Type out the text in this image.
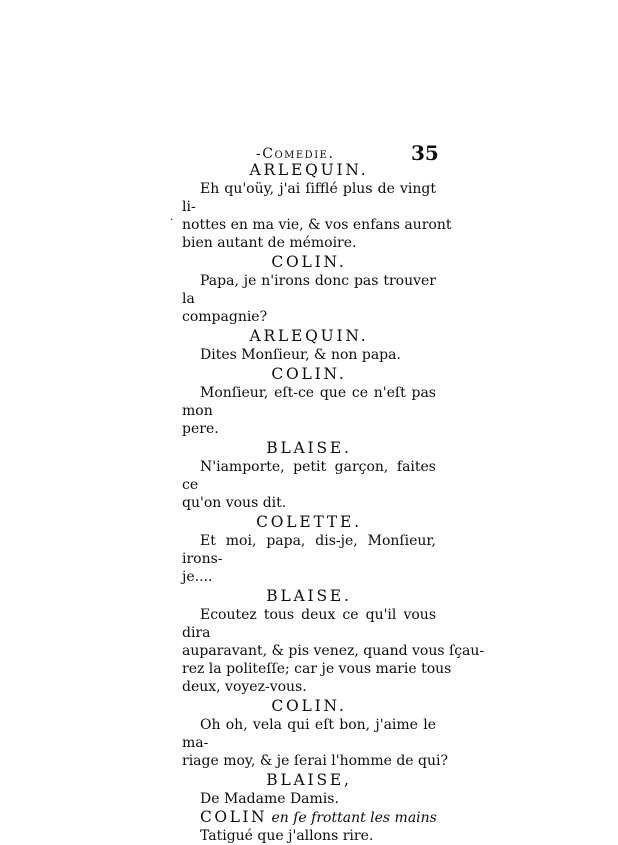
-Comedie.	35
·
ARLEQUIN.
Eh qu'oüy, j'ai ſifflé plus de vingt li-
nottes en ma vie, & vos enfans auront
bien autant de mémoire.
COLIN.
Papa, je n'irons donc pas trouver la
compagnie?
ARLEQUIN.
Dites Monſieur, & non papa.
COLIN.
Monſieur, eſt-ce que ce n'eſt pas mon
pere.
BLAISE.
N'iamporte, petit garçon, faites ce
qu'on vous dit.
COLETTE.
Et moi, papa, dis-je, Monſieur, irons-
je....
BLAISE.
Ecoutez tous deux ce qu'il vous dira
auparavant, & pis venez, quand vous ſçau-
rez la politeſſe; car je vous marie tous
deux, voyez-vous.
COLIN.
Oh oh, vela qui eſt bon, j'aime le ma-
riage moy, & je ſerai l'homme de qui?
BLAISE,
De Madame Damis.
COLIN en ſe frottant les mains
Tatigué que j'allons rire.
